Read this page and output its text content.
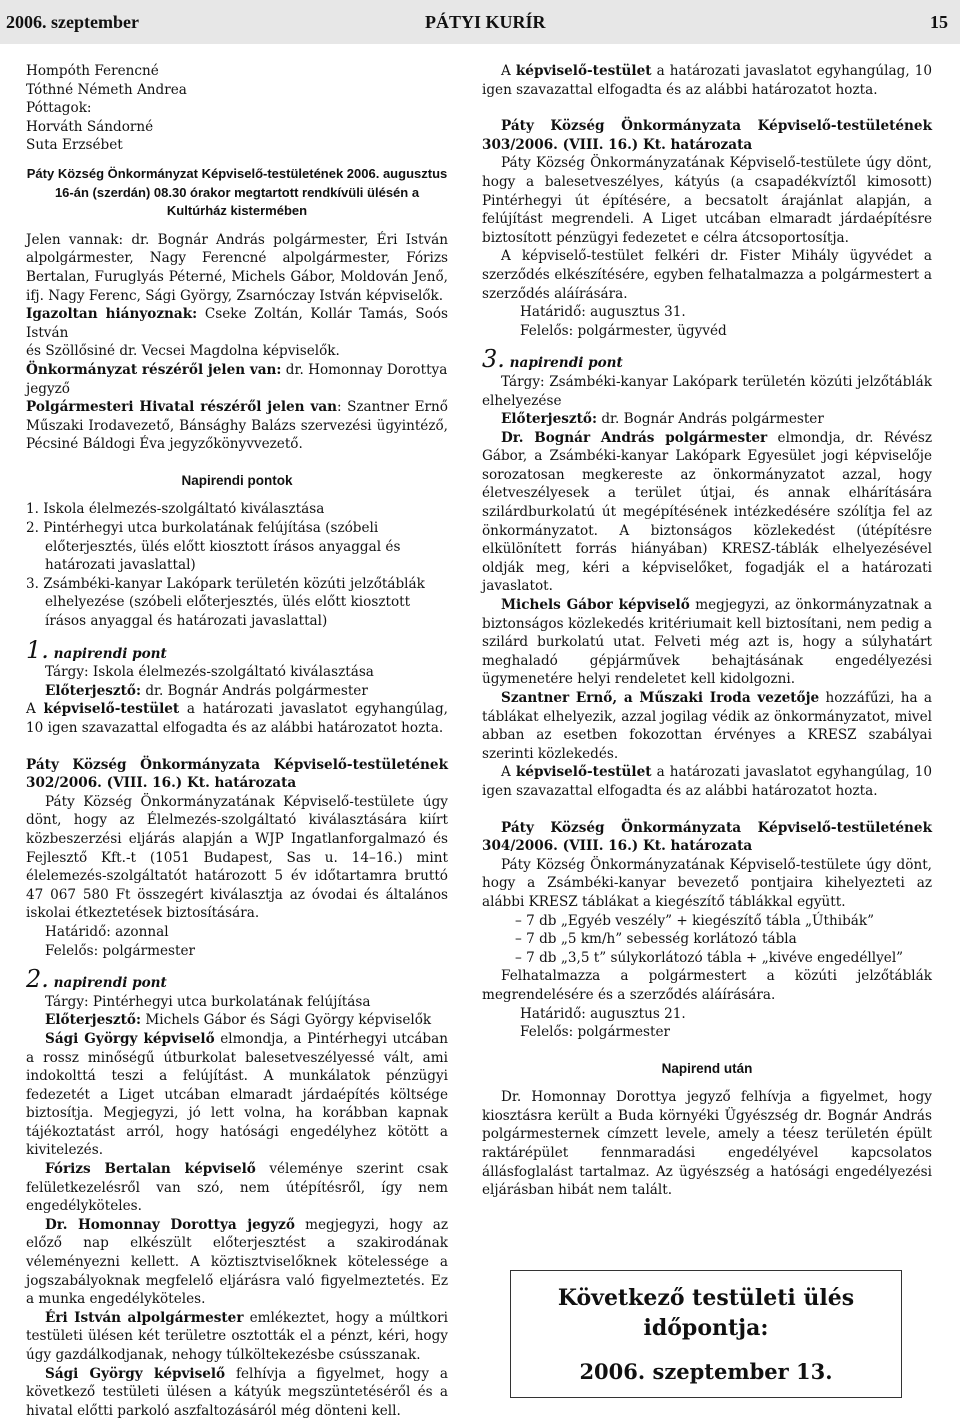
2006. szeptember	PÁTYI KURÍR	15

Hompóth Ferencné

Tóthné Németh Andrea

Póttagok:

Horváth Sándorné

Suta Erzsébet

Páty Község Önkormányzat Képviselő-testületének 2006. augusztus 16-án (szerdán) 08.30 órakor megtartott rendkívüli ülésén a Kultúrház kistermében

Jelen vannak: dr. Bognár András polgármester, Éri István alpolgármester, Nagy Ferencné alpolgármester, Fórizs Bertalan, Furuglyás Péterné, Michels Gábor, Moldován Jenő, ifj. Nagy Ferenc, Sági György, Zsarnóczay István képviselők.

Igazoltan hiányoznak: Cseke Zoltán, Kollár Tamás, Soós István

és Szöllősiné dr. Vecsei Magdolna képviselők.

Önkormányzat részéről jelen van: dr. Homonnay Dorottya jegyző

Polgármesteri Hivatal részéről jelen van: Szantner Ernő Műszaki Irodavezető, Bánsághy Balázs szervezési ügyintéző, Pécsiné Báldogi Éva jegyzőkönyvvezető.

Napirendi pontok

1. Iskola élelmezés-szolgáltató kiválasztása

2. Pintérhegyi utca burkolatának felújítása (szóbeli előterjesztés, ülés előtt kiosztott írásos anyaggal és határozati javaslattal)

3. Zsámbéki-kanyar Lakópark területén közúti jelzőtáblák elhelyezése (szóbeli előterjesztés, ülés előtt kiosztott írásos anyaggal és határozati javaslattal)

1. napirendi pont

Tárgy: Iskola élelmezés-szolgáltató kiválasztása

Előterjesztő: dr. Bognár András polgármester

A képviselő-testület a határozati javaslatot egyhangúlag, 10 igen szavazattal elfogadta és az alábbi határozatot hozta.

Páty Község Önkormányzata Képviselő-testületének 302/2006. (VIII. 16.) Kt. határozata

Páty Község Önkormányzatának Képviselő-testülete úgy dönt, hogy az Élelmezés-szolgáltató kiválasztására kiírt közbeszerzési eljárás alapján a WJP Ingatlanforgalmazó és Fejlesztő Kft.-t (1051 Budapest, Sas u. 14–16.) mint élelemezés-szolgáltatót határozott 5 év időtartamra bruttó 47 067 580 Ft összegért kiválasztja az óvodai és általános iskolai étkeztetések biztosítására.

Határidő: azonnal

Felelős: polgármester

2. napirendi pont

Tárgy: Pintérhegyi utca burkolatának felújítása

Előterjesztő: Michels Gábor és Sági György képviselők

Sági György képviselő elmondja, a Pintérhegyi utcában a rossz minőségű útburkolat balesetveszélyessé vált, ami indokolttá teszi a felújítást. A munkálatok pénzügyi fedezetét a Liget utcában elmaradt járdaépítés költsége biztosítja. Megjegyzi, jó lett volna, ha korábban kapnak tájékoztatást arról, hogy hatósági engedélyhez kötött a kivitelezés.

Fórizs Bertalan képviselő véleménye szerint csak felületkezelésről van szó, nem útépítésről, így nem engedélyköteles.

Dr. Homonnay Dorottya jegyző megjegyzi, hogy az előző nap elkészült előterjesztést a szakirodának véleményezni kellett. A köztisztviselőknek kötelessége a jogszabályoknak megfelelő eljárásra való figyelmeztetés. Ez a munka engedélyköteles.

Éri István alpolgármester emlékeztet, hogy a múltkori testületi ülésen két területre osztották el a pénzt, kéri, hogy úgy gazdálkodjanak, nehogy túlköltekezésbe csússzanak.

Sági György képviselő felhívja a figyelmet, hogy a következő testületi ülésen a kátyúk megszüntetéséről és a hivatal előtti parkoló aszfaltozásáról még dönteni kell.

A képviselő-testület a határozati javaslatot egyhangúlag, 10 igen szavazattal elfogadta és az alábbi határozatot hozta.

Páty Község Önkormányzata Képviselő-testületének 303/2006. (VIII. 16.) Kt. határozata

Páty Község Önkormányzatának Képviselő-testülete úgy dönt, hogy a balesetveszélyes, kátyús (a csapadékvíztől kimosott) Pintérhegyi út építésére, a becsatolt árajánlat alapján, a felújítást megrendeli. A Liget utcában elmaradt járdaépítésre biztosított pénzügyi fedezetet e célra átcsoportosítja.

A képviselő-testület felkéri dr. Fister Mihály ügyvédet a szerződés elkészítésére, egyben felhatalmazza a polgármestert a szerződés aláírására.

Határidő: augusztus 31.

Felelős: polgármester, ügyvéd

3. napirendi pont

Tárgy: Zsámbéki-kanyar Lakópark területén közúti jelzőtáblák elhelyezése

Előterjesztő: dr. Bognár András polgármester

Dr. Bognár András polgármester elmondja, dr. Révész Gábor, a Zsámbéki-kanyar Lakópark Egyesület jogi képviselője sorozatosan megkereste az önkormányzatot azzal, hogy életveszélyesek a terület útjai, és annak elhárítására szilárdburkolatú út megépítésének intézkedésére szólítja fel az önkormányzatot. A biztonságos közlekedést (útépítésre elkülönített forrás hiányában) KRESZ-táblák elhelyezésével oldják meg, kéri a képviselőket, fogadják el a határozati javaslatot.

Michels Gábor képviselő megjegyzi, az önkormányzatnak a biztonságos közlekedés kritériumait kell biztosítani, nem pedig a szilárd burkolatú utat. Felveti még azt is, hogy a súlyhatárt meghaladó gépjárművek behajtásának engedélyezési ügymenetére helyi rendeletet kell kidolgozni.

Szantner Ernő, a Műszaki Iroda vezetője hozzáfűzi, ha a táblákat elhelyezik, azzal jogilag védik az önkormányzatot, mivel abban az esetben fokozottan érvényes a KRESZ szabályai szerinti közlekedés.

A képviselő-testület a határozati javaslatot egyhangúlag, 10 igen szavazattal elfogadta és az alábbi határozatot hozta.

Páty Község Önkormányzata Képviselő-testületének 304/2006. (VIII. 16.) Kt. határozata

Páty Község Önkormányzatának Képviselő-testülete úgy dönt, hogy a Zsámbéki-kanyar bevezető pontjaira kihelyezteti az alábbi KRESZ táblákat a kiegészítő táblákkal együtt.

– 7 db „Egyéb veszély” + kiegészítő tábla „Úthibák”

– 7 db „5 km/h” sebesség korlátozó tábla

– 7 db „3,5 t” súlykorlátozó tábla + „kivéve engedéllyel”

Felhatalmazza a polgármestert a közúti jelzőtáblák megrendelésére és a szerződés aláírására.

Határidő: augusztus 21.

Felelős: polgármester

Napirend után

Dr. Homonnay Dorottya jegyző felhívja a figyelmet, hogy kiosztásra került a Buda környéki Ügyészség dr. Bognár András polgármesternek címzett levele, amely a téesz területén épült raktárépület fennmaradási engedélyével kapcsolatos állásfoglalást tartalmaz. Az ügyészség a hatósági engedélyezési eljárásban hibát nem talált.

Következő testületi ülés
időpontja:
2006. szeptember 13.
